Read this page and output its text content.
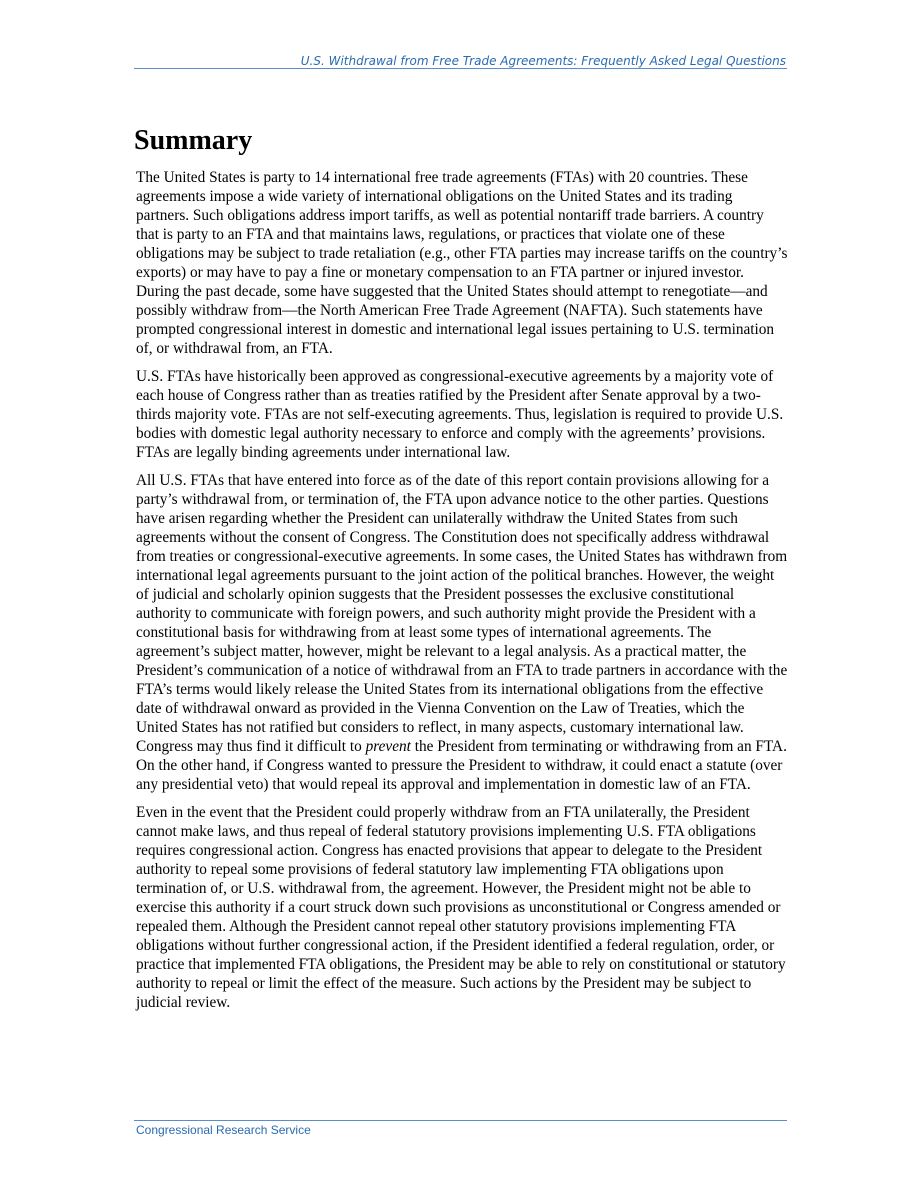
U.S. Withdrawal from Free Trade Agreements: Frequently Asked Legal Questions
Summary

The United States is party to 14 international free trade agreements (FTAs) with 20 countries. These agreements impose a wide variety of international obligations on the United States and its trading partners. Such obligations address import tariffs, as well as potential nontariff trade barriers. A country that is party to an FTA and that maintains laws, regulations, or practices that violate one of these obligations may be subject to trade retaliation (e.g., other FTA parties may increase tariffs on the country’s exports) or may have to pay a fine or monetary compensation to an FTA partner or injured investor. During the past decade, some have suggested that the United States should attempt to renegotiate—and possibly withdraw from—the North American Free Trade Agreement (NAFTA). Such statements have prompted congressional interest in domestic and international legal issues pertaining to U.S. termination of, or withdrawal from, an FTA.

U.S. FTAs have historically been approved as congressional-executive agreements by a majority vote of each house of Congress rather than as treaties ratified by the President after Senate approval by a two-thirds majority vote. FTAs are not self-executing agreements. Thus, legislation is required to provide U.S. bodies with domestic legal authority necessary to enforce and comply with the agreements’ provisions. FTAs are legally binding agreements under international law.

All U.S. FTAs that have entered into force as of the date of this report contain provisions allowing for a party’s withdrawal from, or termination of, the FTA upon advance notice to the other parties. Questions have arisen regarding whether the President can unilaterally withdraw the United States from such agreements without the consent of Congress. The Constitution does not specifically address withdrawal from treaties or congressional-executive agreements. In some cases, the United States has withdrawn from international legal agreements pursuant to the joint action of the political branches. However, the weight of judicial and scholarly opinion suggests that the President possesses the exclusive constitutional authority to communicate with foreign powers, and such authority might provide the President with a constitutional basis for withdrawing from at least some types of international agreements. The agreement’s subject matter, however, might be relevant to a legal analysis. As a practical matter, the President’s communication of a notice of withdrawal from an FTA to trade partners in accordance with the FTA’s terms would likely release the United States from its international obligations from the effective date of withdrawal onward as provided in the Vienna Convention on the Law of Treaties, which the United States has not ratified but considers to reflect, in many aspects, customary international law. Congress may thus find it difficult to prevent the President from terminating or withdrawing from an FTA. On the other hand, if Congress wanted to pressure the President to withdraw, it could enact a statute (over any presidential veto) that would repeal its approval and implementation in domestic law of an FTA.

Even in the event that the President could properly withdraw from an FTA unilaterally, the President cannot make laws, and thus repeal of federal statutory provisions implementing U.S. FTA obligations requires congressional action. Congress has enacted provisions that appear to delegate to the President authority to repeal some provisions of federal statutory law implementing FTA obligations upon termination of, or U.S. withdrawal from, the agreement. However, the President might not be able to exercise this authority if a court struck down such provisions as unconstitutional or Congress amended or repealed them. Although the President cannot repeal other statutory provisions implementing FTA obligations without further congressional action, if the President identified a federal regulation, order, or practice that implemented FTA obligations, the President may be able to rely on constitutional or statutory authority to repeal or limit the effect of the measure. Such actions by the President may be subject to judicial review.

Congressional Research Service
